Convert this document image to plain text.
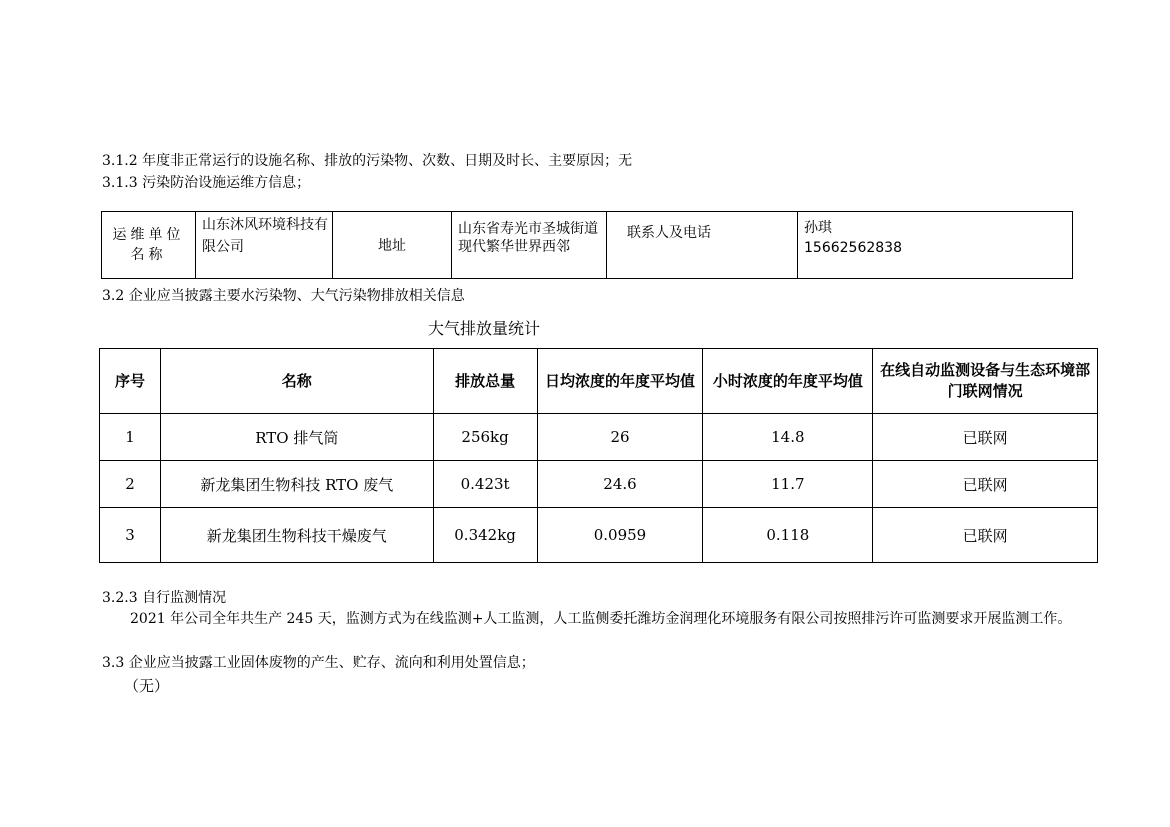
3.1.2 年度非正常运行的设施名称、排放的污染物、次数、日期及时长、主要原因；无
3.1.3 污染防治设施运维方信息；
运维单位
名称
	山东沐风环境科技有限公司	地址	山东省寿光市圣城街道现代繁华世界西邻	联系人及电话	孙琪
15662562838
3.2 企业应当披露主要水污染物、大气污染物排放相关信息
大气排放量统计
序号	名称	排放总量	日均浓度的年度平均值	小时浓度的年度平均值	在线自动监测设备与生态环境部门联网情况
1	RTO 排气筒	256kg	26	14.8	已联网
2	新龙集团生物科技 RTO 废气	0.423t	24.6	11.7	已联网
3	新龙集团生物科技干燥废气	0.342kg	0.0959	0.118	已联网
3.2.3 自行监测情况
2021 年公司全年共生产 245 天，监测方式为在线监测+人工监测，人工监侧委托潍坊金润理化环境服务有限公司按照排污许可监测要求开展监测工作。
3.3 企业应当披露工业固体废物的产生、贮存、流向和利用处置信息；
（无）
